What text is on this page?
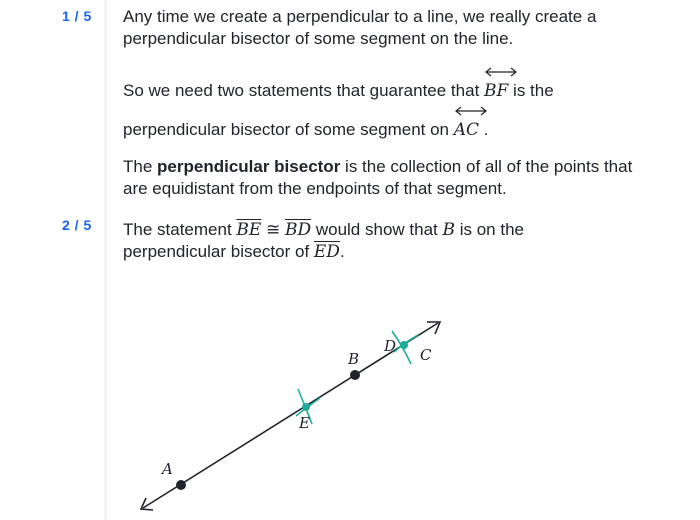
1 / 5
2 / 5
Any time we create a perpendicular to a line, we really create a perpendicular bisector of some segment on the line.
So we need two statements that guarantee that
BF is the
perpendicular bisector of some segment on
AC .
The perpendicular bisector is the collection of all of the points that are equidistant from the endpoints of that segment.
The statement $\overline{BE}$ ≅ $\overline{BD}$ would show that B is on the
perpendicular bisector of $\overline{ED}$.
A
E
B
D C
